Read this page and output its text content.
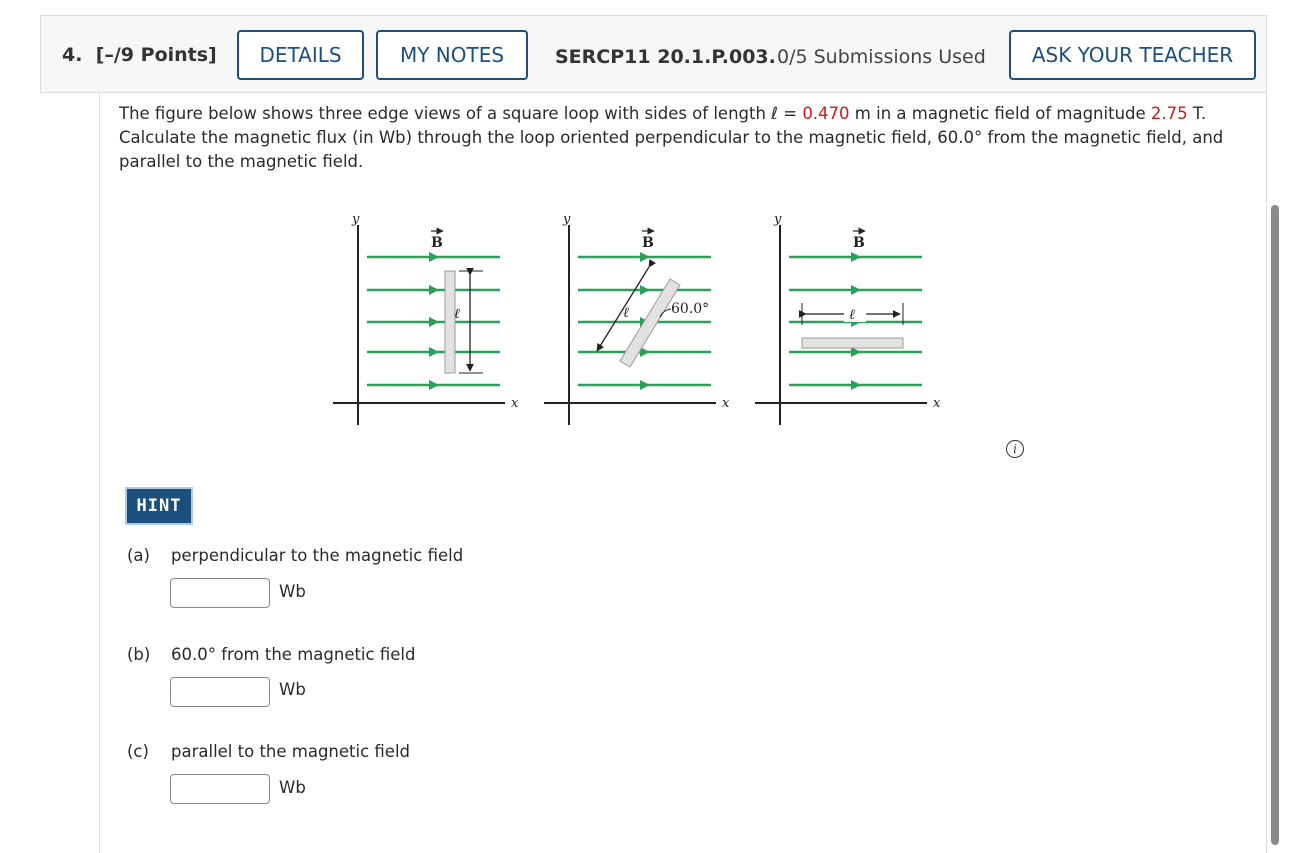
4. [–/9 Points]	DETAILS	MY NOTES	SERCP11 20.1.P.003. 0/5 Submissions Used	ASK YOUR TEACHER
The figure below shows three edge views of a square loop with sides of length ℓ = 0.470 m in a magnetic field of magnitude 2.75 T. Calculate the magnetic flux (in Wb) through the loop oriented perpendicular to the magnetic field, 60.0° from the magnetic field, and parallel to the magnetic field.
y
x
B
y
x
B
y
x
B
ℓ	ℓ	60.0°	ℓ
i
HINT
(a) perpendicular to the magnetic field
Wb
(b) 60.0° from the magnetic field
Wb
(c) parallel to the magnetic field
Wb
